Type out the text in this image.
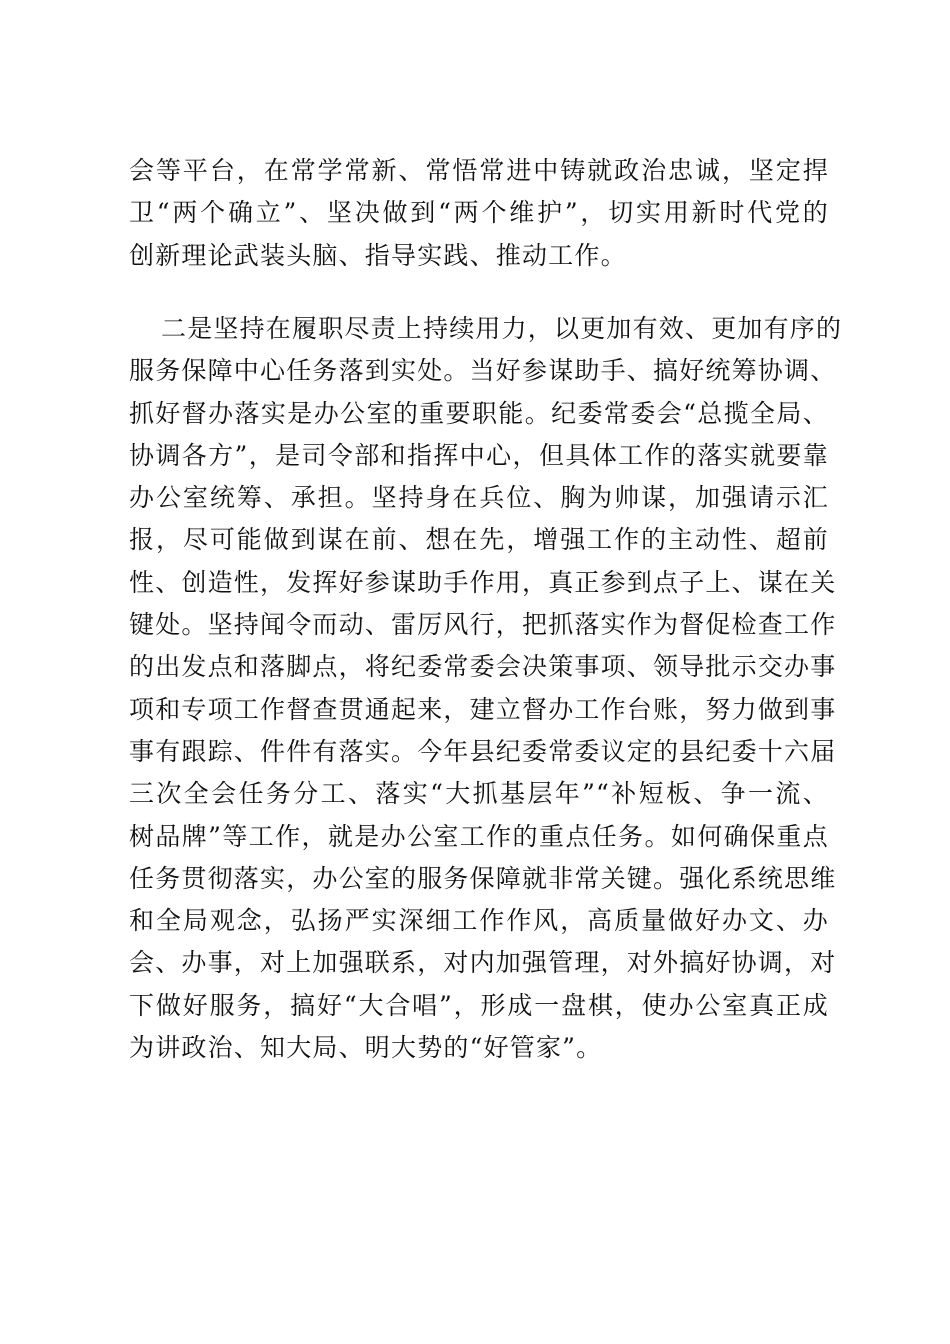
会等平台，在常学常新、常悟常进中铸就政治忠诚，坚定捍
卫“两个确立”、坚决做到“两个维护”，切实用新时代党的
创新理论武装头脑、指导实践、推动工作。
二是坚持在履职尽责上持续用力，以更加有效、更加有序的
服务保障中心任务落到实处。当好参谋助手、搞好统筹协调、
抓好督办落实是办公室的重要职能。纪委常委会“总揽全局、
协调各方”，是司令部和指挥中心，但具体工作的落实就要靠
办公室统筹、承担。坚持身在兵位、胸为帅谋，加强请示汇
报，尽可能做到谋在前、想在先，增强工作的主动性、超前
性、创造性，发挥好参谋助手作用，真正参到点子上、谋在关
键处。坚持闻令而动、雷厉风行，把抓落实作为督促检查工作
的出发点和落脚点，将纪委常委会决策事项、领导批示交办事
项和专项工作督查贯通起来，建立督办工作台账，努力做到事
事有跟踪、件件有落实。今年县纪委常委议定的县纪委十六届
三次全会任务分工、落实“大抓基层年”“补短板、争一流、
树品牌”等工作，就是办公室工作的重点任务。如何确保重点
任务贯彻落实，办公室的服务保障就非常关键。强化系统思维
和全局观念，弘扬严实深细工作作风，高质量做好办文、办
会、办事，对上加强联系，对内加强管理，对外搞好协调，对
下做好服务，搞好“大合唱”，形成一盘棋，使办公室真正成
为讲政治、知大局、明大势的“好管家”。
